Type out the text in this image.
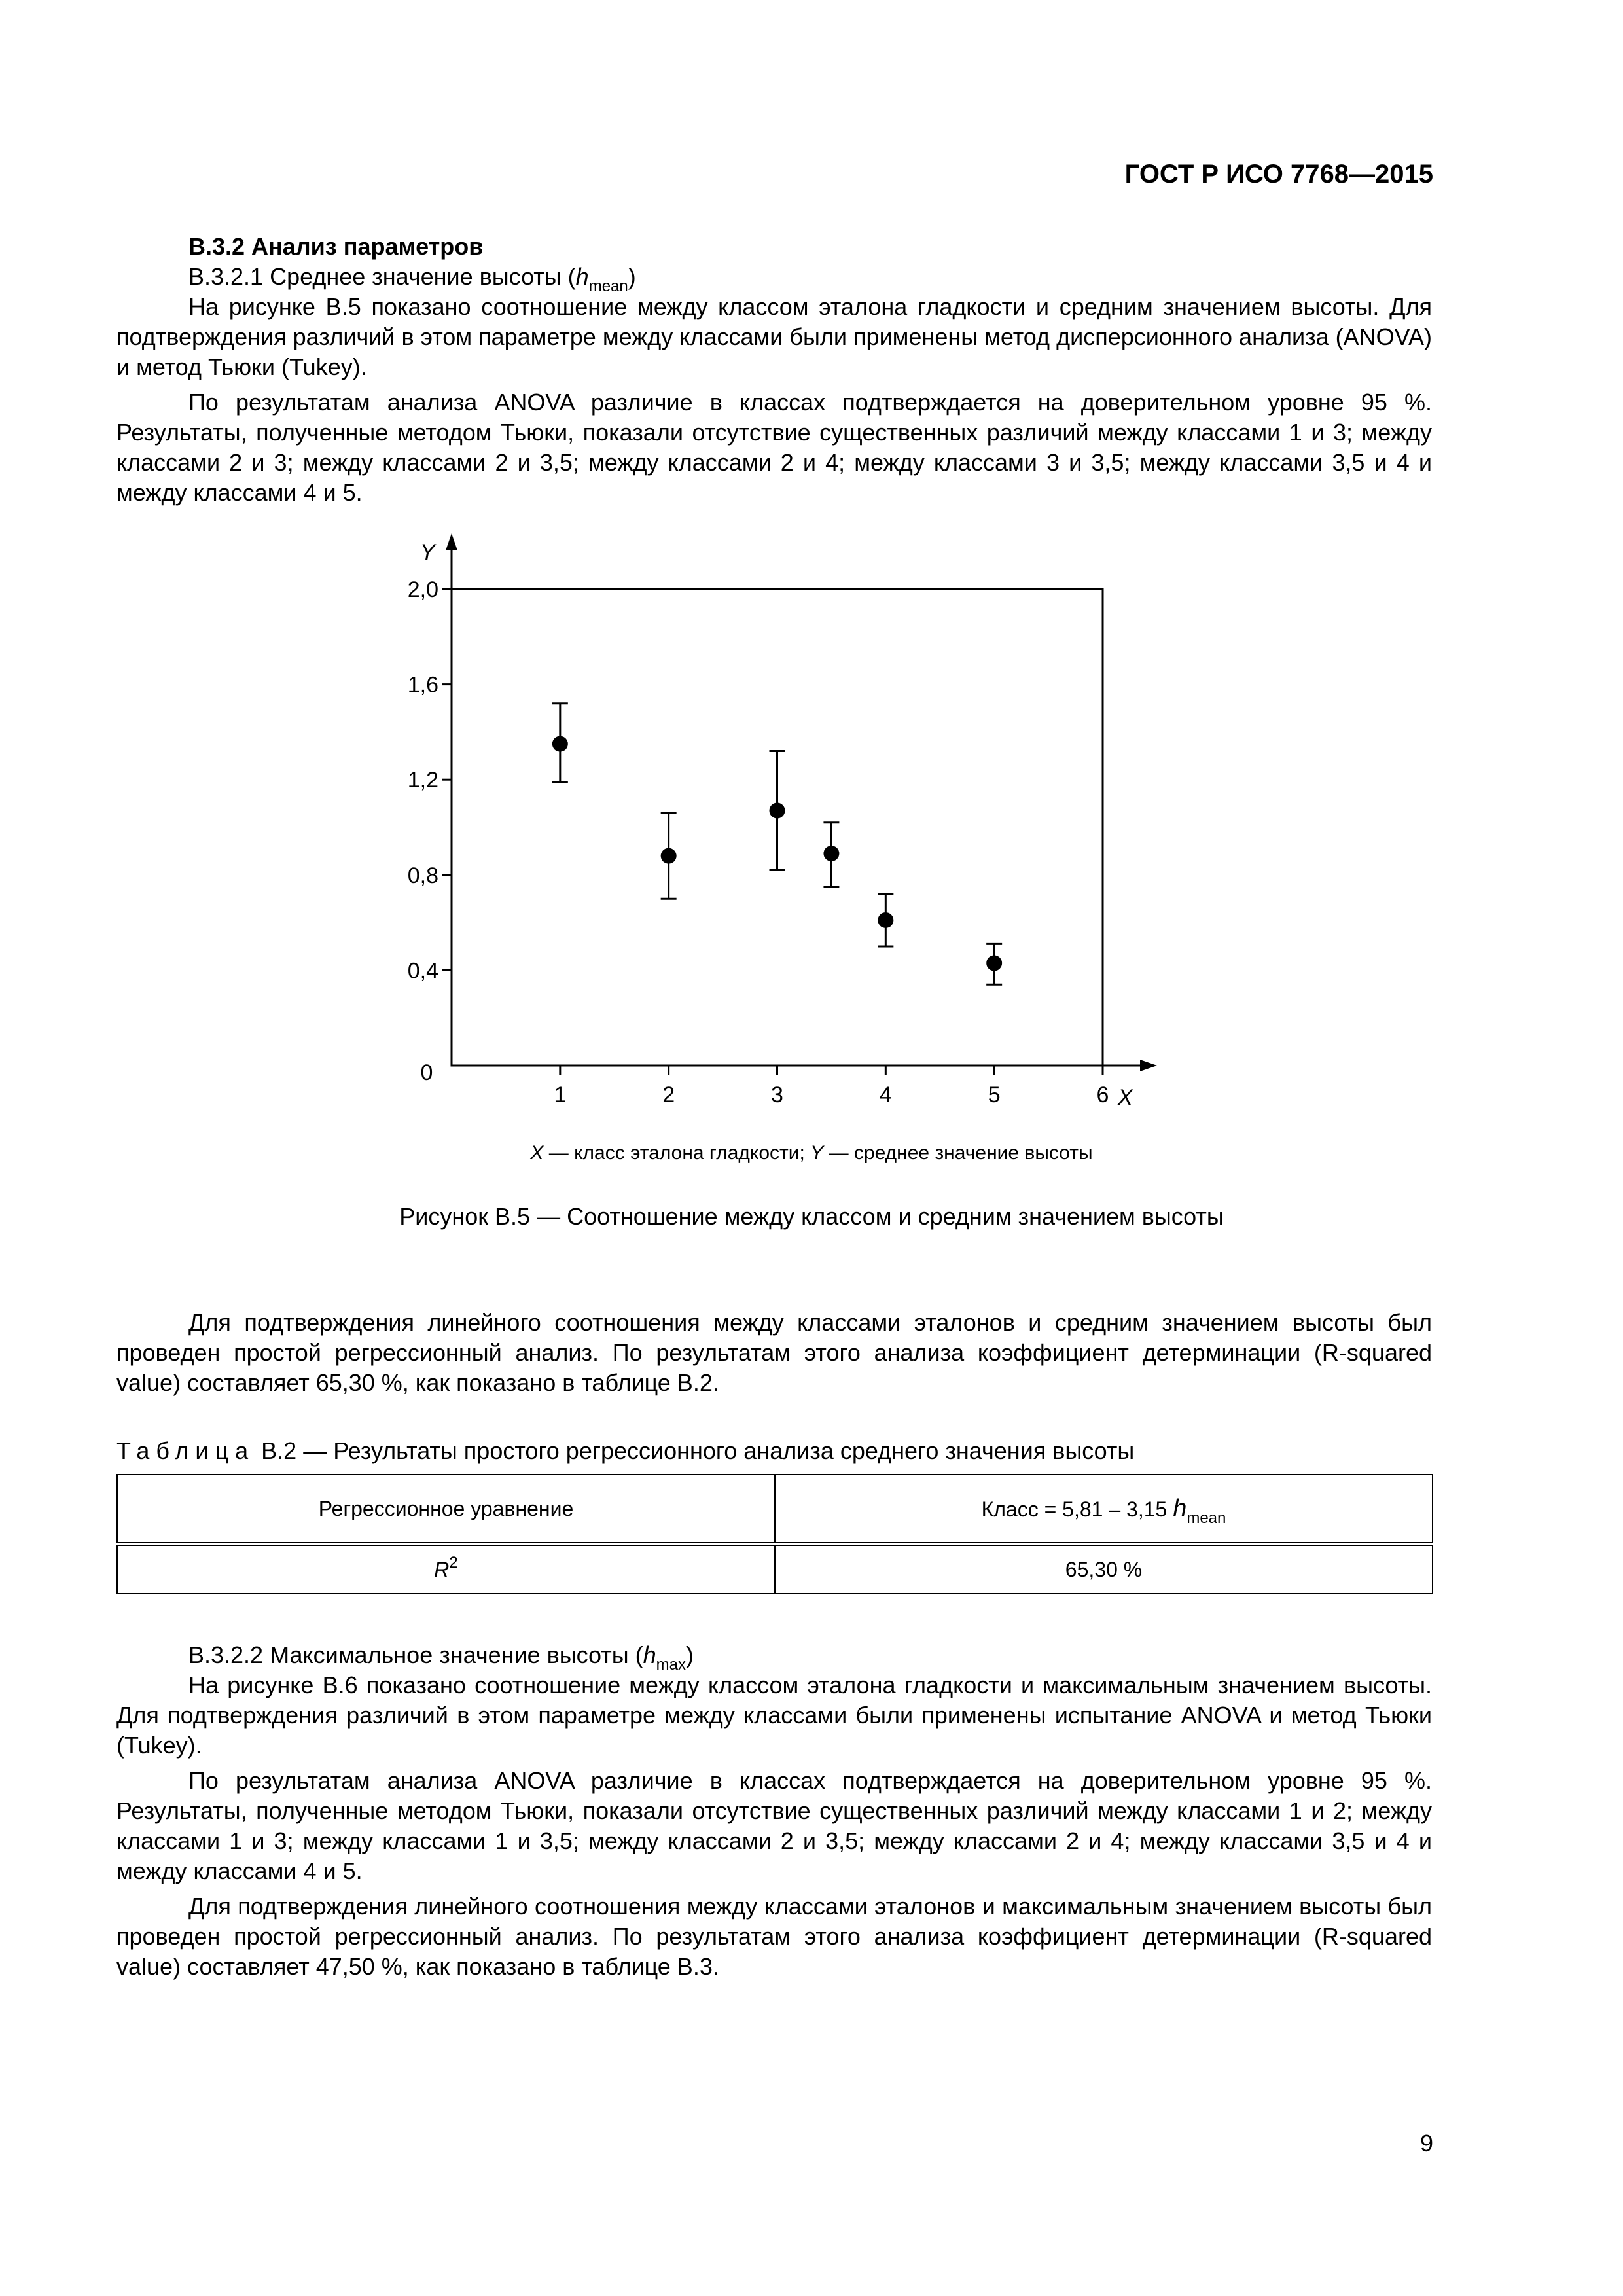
ГОСТ Р ИСО 7768—2015

В.3.2 Анализ параметров

В.3.2.1 Среднее значение высоты $(h_{mean})$

На рисунке В.5 показано соотношение между классом эталона гладкости и средним значением высоты. Для подтверждения различий в этом параметре между классами были применены метод дисперсионного анализа (ANOVA) и метод Тьюки (Tukey).

По результатам анализа ANOVA различие в классах подтверждается на доверительном уровне 95 %. Результаты, полученные методом Тьюки, показали отсутствие существенных различий между классами 1 и 3; между классами 2 и 3; между классами 2 и 3,5; между классами 2 и 4; между классами 3 и 3,5; между классами 3,5 и 4 и между классами 4 и 5.

Y
X
0
0,4
0,8
1,2
1,6
2,0
1	2	3	4	5	6
X — класс эталона гладкости; Y — среднее значение высоты
Рисунок В.5 — Соотношение между классом и средним значением высоты

Для подтверждения линейного соотношения между классами эталонов и средним значением высоты был проведен простой регрессионный анализ. По результатам этого анализа коэффициент детерминации (R-squared value) составляет 65,30 %, как показано в таблице В.2.

Таблица В.2 — Результаты простого регрессионного анализа среднего значения высоты
Регрессионное уравнение	Класс = 5,81 – 3,15 $h_{mean}$
$R^2$	65,30 %

В.3.2.2 Максимальное значение высоты $(h_{max})$

На рисунке В.6 показано соотношение между классом эталона гладкости и максимальным значением высоты. Для подтверждения различий в этом параметре между классами были применены испытание ANOVA и метод Тьюки (Tukey).

По результатам анализа ANOVA различие в классах подтверждается на доверительном уровне 95 %. Результаты, полученные методом Тьюки, показали отсутствие существенных различий между классами 1 и 2; между классами 1 и 3; между классами 1 и 3,5; между классами 2 и 3,5; между классами 2 и 4; между классами 3,5 и 4 и между классами 4 и 5.

Для подтверждения линейного соотношения между классами эталонов и максимальным значением высоты был проведен простой регрессионный анализ. По результатам этого анализа коэффициент детерминации (R-squared value) составляет 47,50 %, как показано в таблице В.3.

9
